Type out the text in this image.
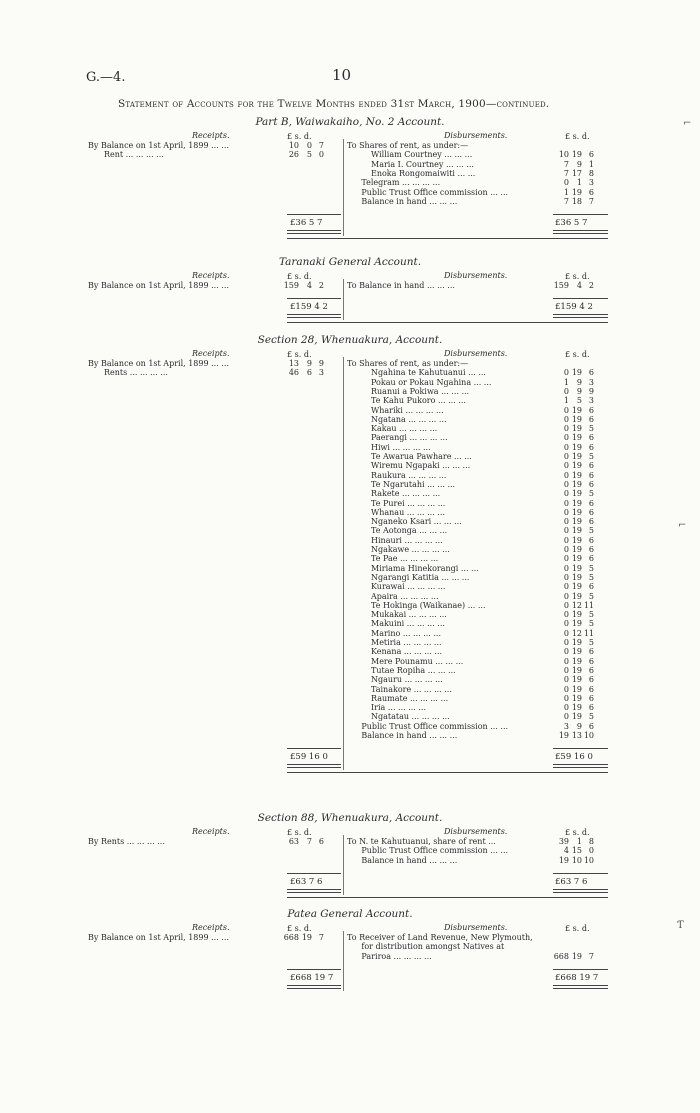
G.—4.	10
Statement of Accounts for the Twelve Months ended 31st March, 1900—continued.
⌐
⌐
Ƭ
Part B, Waiwakaiho, No. 2 Account.
Receipts.	Disbursements.
£ s. d.	£ s. d.
By Balance on 1st April, 1899 ... ...	10 0 7
Rent ... ... ... ...	26 5 0
To Shares of rent, as under:—
William Courtney ... ... ...	10 19 6
Maria I. Courtney ... ... ...	7 9 1
Enoka Rongomaiwiti ... ...	7 17 8
Telegram ... ... ... ...	0 1 3
Public Trust Office commission ... ...	1 19 6
Balance in hand ... ... ...	7 18 7
£36 5 7	£36 5 7
Taranaki General Account.
Receipts.	Disbursements.
£ s. d.	£ s. d.
By Balance on 1st April, 1899 ... ...	159 4 2	To Balance in hand ... ... ...	159 4 2
£159 4 2	£159 4 2
Section 28, Whenuakura, Account.
Receipts.	Disbursements.
£ s. d.	£ s. d.
By Balance on 1st April, 1899 ... ...	13 9 9
Rents ... ... ... ...	46 6 3
To Shares of rent, as under:—
Ngahina te Kahutuanui ... ...	0 19 6
Pokau or Pokau Ngahina ... ...	1 9 3
Ruanui a Pokiwa ... ... ...	0 9 9
Te Kahu Pukoro ... ... ...	1 5 3
Whariki ... ... ... ...	0 19 6
Ngatana ... ... ... ...	0 19 6
Kakau ... ... ... ...	0 19 5
Paerangi ... ... ... ...	0 19 6
Hiwi ... ... ... ...	0 19 6
Te Awarua Pawhare ... ...	0 19 5
Wiremu Ngapaki ... ... ...	0 19 6
Raukura ... ... ... ...	0 19 6
Te Ngarutahi ... ... ...	0 19 6
Rakete ... ... ... ...	0 19 5
Te Purei ... ... ... ...	0 19 6
Whanau ... ... ... ...	0 19 6
Nganeko Ksari ... ... ...	0 19 6
Te Aotonga ... ... ...	0 19 5
Hinauri ... ... ... ...	0 19 6
Ngakawe ... ... ... ...	0 19 6
Te Pae ... ... ... ...	0 19 6
Miriama Hinekorangi ... ...	0 19 5
Ngarangi Katitia ... ... ...	0 19 5
Kurawai ... ... ... ...	0 19 6
Apaira ... ... ... ...	0 19 5
Te Hokinga (Waikanae) ... ...	0 12 11
Mukakai ... ... ... ...	0 19 5
Makuini ... ... ... ...	0 19 5
Marino ... ... ... ...	0 12 11
Metiria ... ... ... ...	0 19 5
Kenana ... ... ... ...	0 19 6
Mere Pounamu ... ... ...	0 19 6
Tutae Ropiha ... ... ...	0 19 6
Ngauru ... ... ... ...	0 19 6
Tainakore ... ... ... ...	0 19 6
Raumate ... ... ... ...	0 19 6
Iria ... ... ... ...	0 19 6
Ngatatau ... ... ... ...	0 19 5
Public Trust Office commission ... ...	3 9 6
Balance in hand ... ... ...	19 13 10
£59 16 0	£59 16 0
Section 88, Whenuakura, Account.
Receipts.	Disbursements.
£ s. d.	£ s. d.
By Rents ... ... ... ...	63 7 6	To N. te Kahutuanui, share of rent ...	39 1 8
Public Trust Office commission ... ...	4 15 0
Balance in hand ... ... ...	19 10 10
£63 7 6	£63 7 6
Patea General Account.
Receipts.	Disbursements.
£ s. d.	£ s. d.
By Balance on 1st April, 1899 ... ...	668 19 7	To Receiver of Land Revenue, New Plymouth,
for distribution amongst Natives at
Pariroa ... ... ... ...	668 19 7
£668 19 7	£668 19 7
